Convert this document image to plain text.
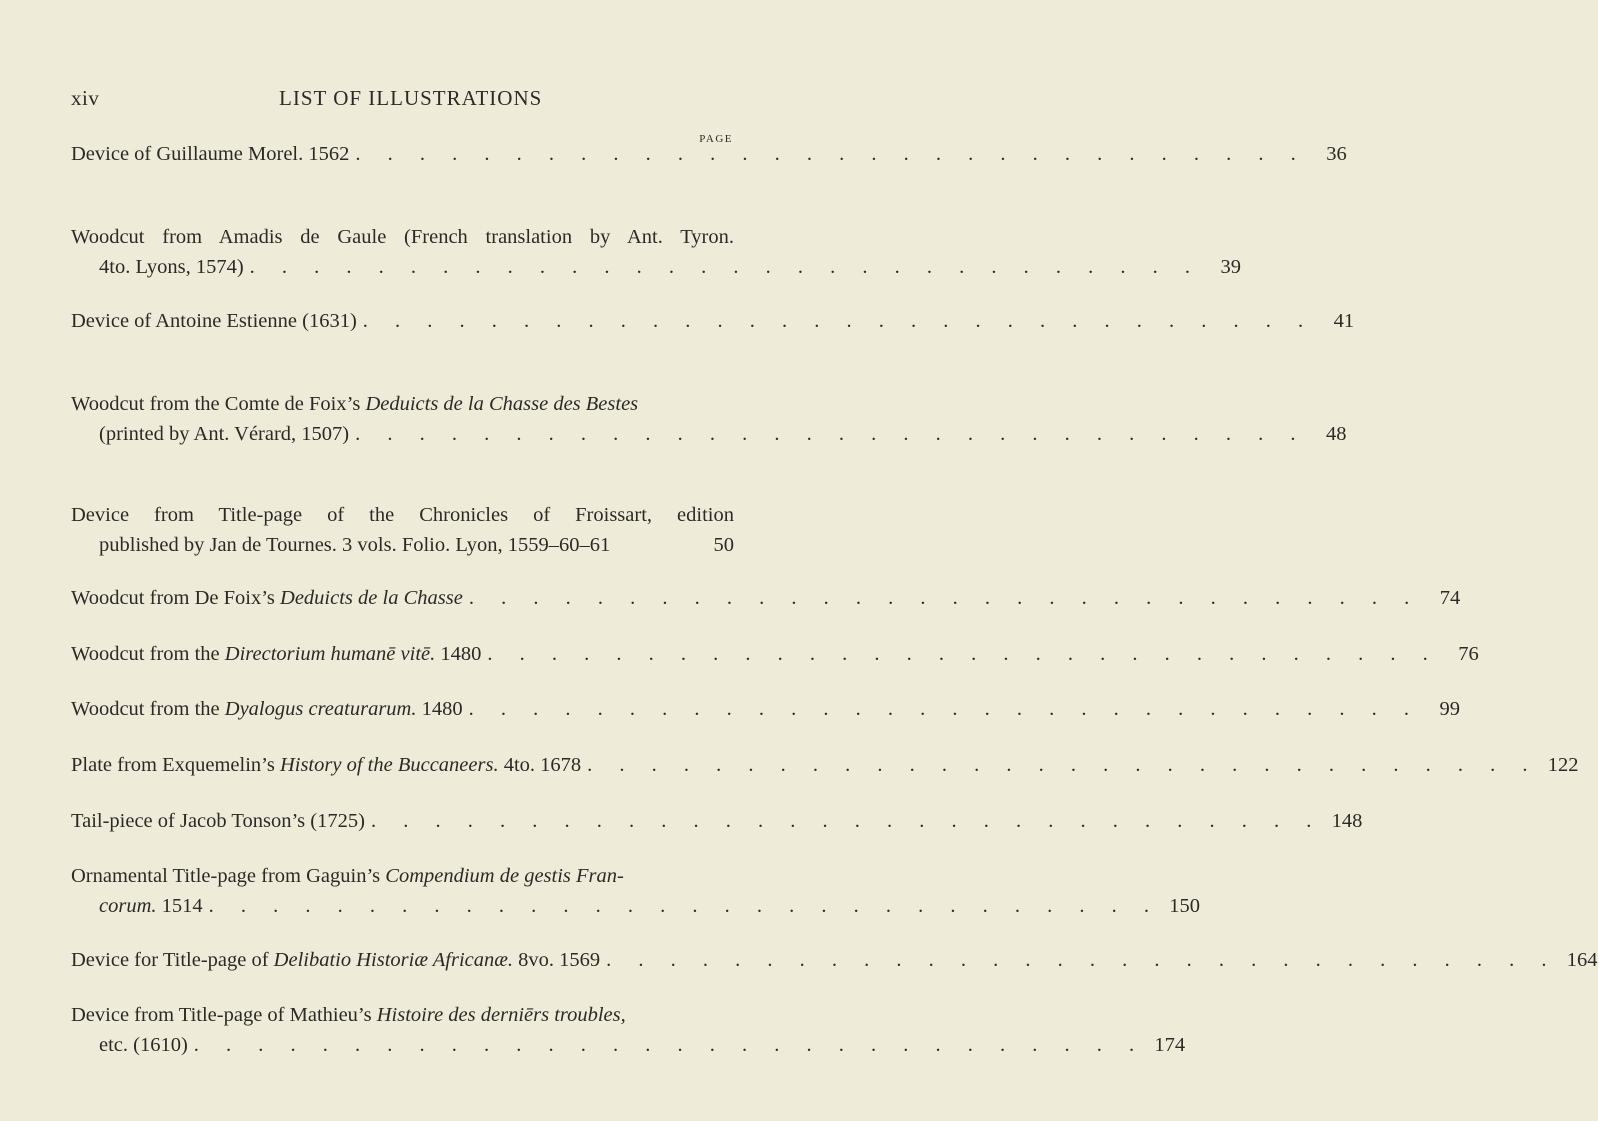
xiv	LIST OF ILLUSTRATIONS
PAGE
Device of Guillaume Morel. 1562 . . . . . . . . . . . . . . . . . . . . . . . . . . . . . . 36
Woodcut from Amadis de Gaule (French translation by Ant. Tyron.
4to. Lyons, 1574) . . . . . . . . . . . . . . . . . . . . . . . . . . . . . . 39
Device of Antoine Estienne (1631) . . . . . . . . . . . . . . . . . . . . . . . . . . . . . . 41
Woodcut from the Comte de Foix’s Deduicts de la Chasse des Bestes
(printed by Ant. Vérard, 1507) . . . . . . . . . . . . . . . . . . . . . . . . . . . . . . 48
Device from Title-page of the Chronicles of Froissart, edition
published by Jan de Tournes. 3 vols. Folio. Lyon, 1559–60–61	50
Woodcut from De Foix’s Deduicts de la Chasse . . . . . . . . . . . . . . . . . . . . . . . . . . . . . . 74
Woodcut from the Directorium humanē vitē. 1480 . . . . . . . . . . . . . . . . . . . . . . . . . . . . . . 76
Woodcut from the Dyalogus creaturarum. 1480 . . . . . . . . . . . . . . . . . . . . . . . . . . . . . . 99
Plate from Exquemelin’s History of the Buccaneers. 4to. 1678 . . . . . . . . . . . . . . . . . . . . . . . . . . . . . . 122
Tail-piece of Jacob Tonson’s (1725) . . . . . . . . . . . . . . . . . . . . . . . . . . . . . . 148
Ornamental Title-page from Gaguin’s Compendium de gestis Fran-
corum. 1514 . . . . . . . . . . . . . . . . . . . . . . . . . . . . . . 150
Device for Title-page of Delibatio Historiæ Africanæ. 8vo. 1569 . . . . . . . . . . . . . . . . . . . . . . . . . . . . . . 164
Device from Title-page of Mathieu’s Histoire des derniērs troubles,
etc. (1610) . . . . . . . . . . . . . . . . . . . . . . . . . . . . . . 174
